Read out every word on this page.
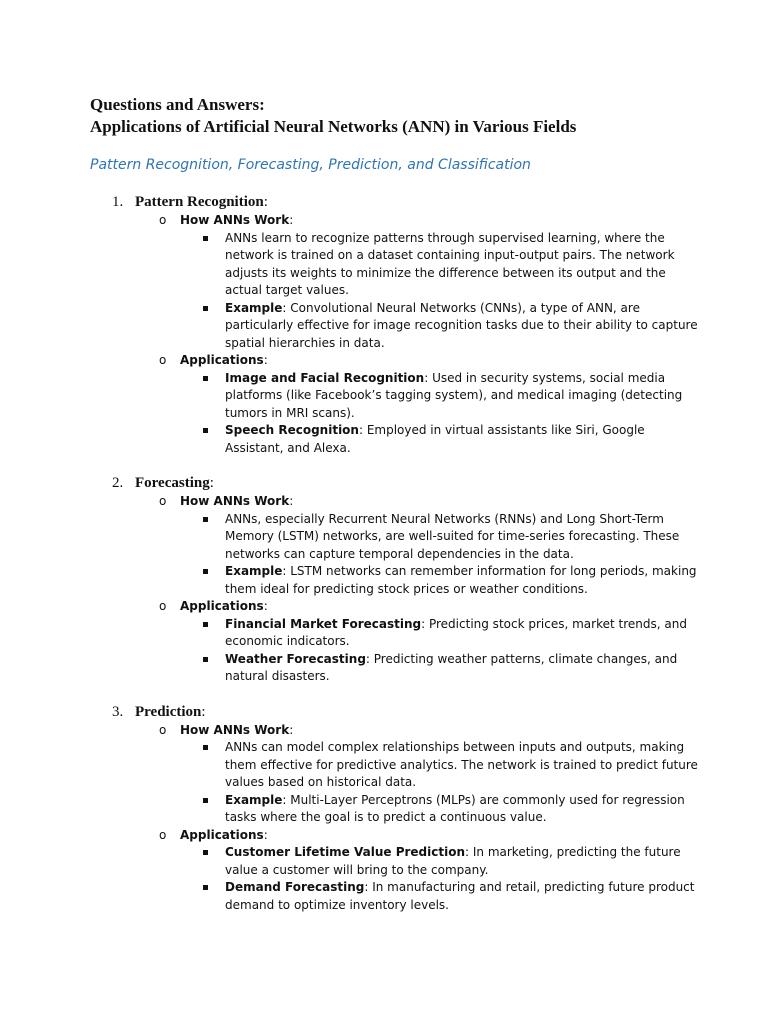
Questions and Answers:
Applications of Artificial Neural Networks (ANN) in Various Fields

Pattern Recognition, Forecasting, Prediction, and Classification

1. Pattern Recognition:
o How ANNs Work:
ANNs learn to recognize patterns through supervised learning, where the network is trained on a dataset containing input-output pairs. The network adjusts its weights to minimize the difference between its output and the actual target values.
Example: Convolutional Neural Networks (CNNs), a type of ANN, are particularly effective for image recognition tasks due to their ability to capture spatial hierarchies in data.
o Applications:
Image and Facial Recognition: Used in security systems, social media platforms (like Facebook’s tagging system), and medical imaging (detecting tumors in MRI scans).
Speech Recognition: Employed in virtual assistants like Siri, Google Assistant, and Alexa.
2. Forecasting:
o How ANNs Work:
ANNs, especially Recurrent Neural Networks (RNNs) and Long Short-Term Memory (LSTM) networks, are well-suited for time-series forecasting. These networks can capture temporal dependencies in the data.
Example: LSTM networks can remember information for long periods, making them ideal for predicting stock prices or weather conditions.
o Applications:
Financial Market Forecasting: Predicting stock prices, market trends, and economic indicators.
Weather Forecasting: Predicting weather patterns, climate changes, and natural disasters.
3. Prediction:
o How ANNs Work:
ANNs can model complex relationships between inputs and outputs, making them effective for predictive analytics. The network is trained to predict future values based on historical data.
Example: Multi-Layer Perceptrons (MLPs) are commonly used for regression tasks where the goal is to predict a continuous value.
o Applications:
Customer Lifetime Value Prediction: In marketing, predicting the future value a customer will bring to the company.
Demand Forecasting: In manufacturing and retail, predicting future product demand to optimize inventory levels.
